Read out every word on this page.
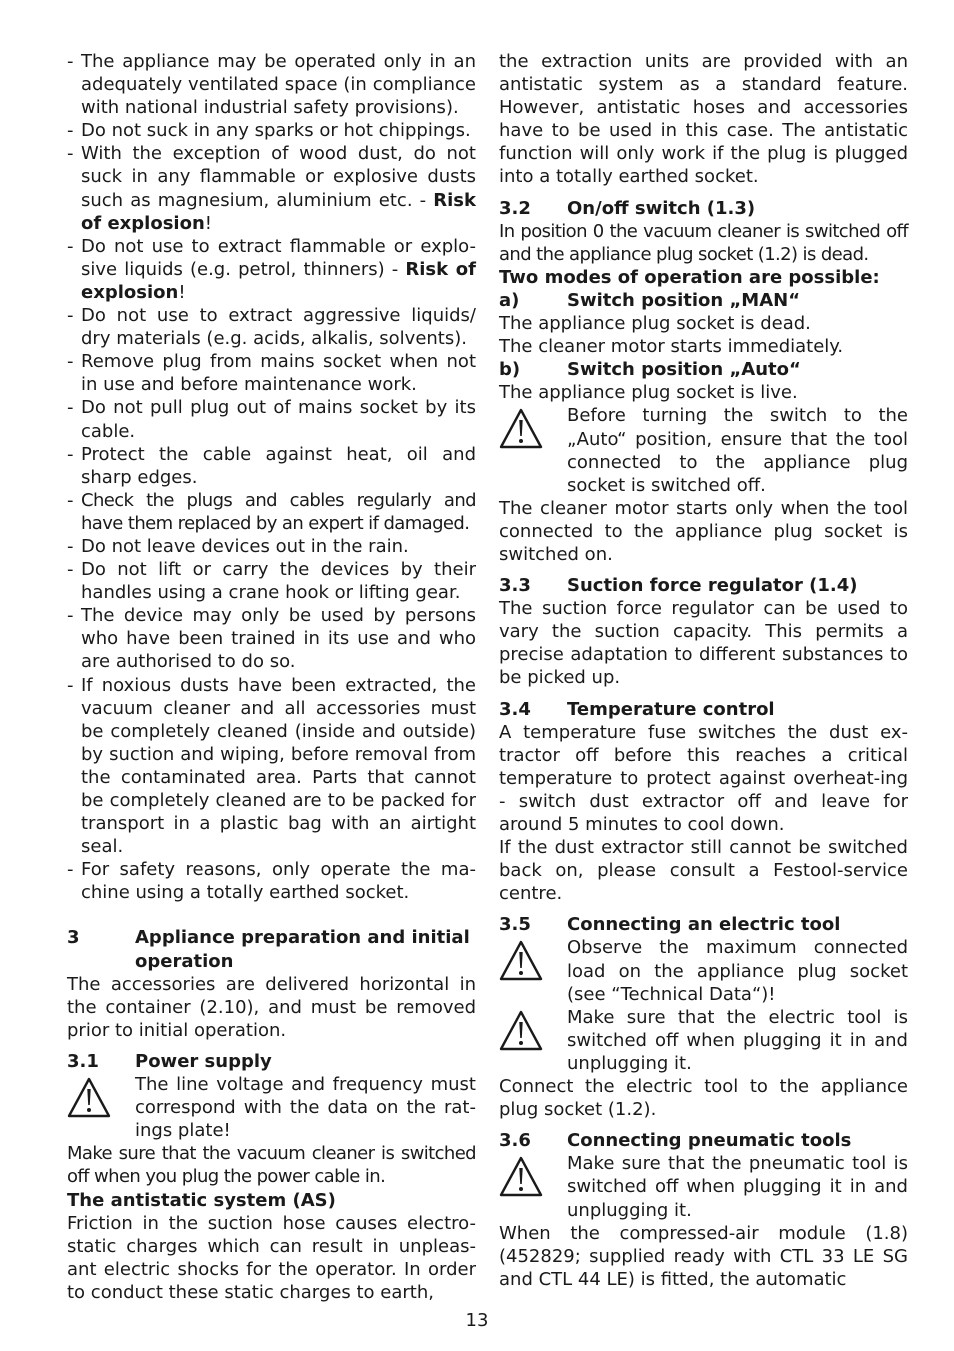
- The appliance may be operated only in an adequately ventilated space (in compliance with national industrial safety provisions).
- Do not suck in any sparks or hot chippings.
- With the exception of wood dust, do not suck in any flammable or explosive dusts such as magnesium, aluminium etc. - Risk of explosion!
- Do not use to extract flammable or explo-sive liquids (e.g. petrol, thinners) - Risk of explosion!
- Do not use to extract aggressive liquids/ dry materials (e.g. acids, alkalis, solvents).
- Remove plug from mains socket when not in use and before maintenance work.
- Do not pull plug out of mains socket by its cable.
- Protect the cable against heat, oil and sharp edges.
- Check the plugs and cables regularly and have them replaced by an expert if damaged.
- Do not leave devices out in the rain.
- Do not lift or carry the devices by their handles using a crane hook or lifting gear.
- The device may only be used by persons who have been trained in its use and who are authorised to do so.
- If noxious dusts have been extracted, the vacuum cleaner and all accessories must be completely cleaned (inside and outside) by suction and wiping, before removal from the contaminated area. Parts that cannot be completely cleaned are to be packed for transport in a plastic bag with an airtight seal.
- For safety reasons, only operate the ma-chine using a totally earthed socket.
3	Appliance preparation and initial operation
The accessories are delivered horizontal in the container (2.10), and must be removed prior to initial operation.
3.1	Power supply
The line voltage and frequency must correspond with the data on the rat-ings plate!
Make sure that the vacuum cleaner is switched off when you plug the power cable in.
The antistatic system (AS)
Friction in the suction hose causes electro-static charges which can result in unpleas-ant electric shocks for the operator. In order to conduct these static charges to earth,
the extraction units are provided with an antistatic system as a standard feature. However, antistatic hoses and accessories have to be used in this case. The antistatic function will only work if the plug is plugged into a totally earthed socket.
3.2	On/off switch (1.3)
In position 0 the vacuum cleaner is switched off and the appliance plug socket (1.2) is dead.
Two modes of operation are possible:
a)	Switch position „MAN“
The appliance plug socket is dead.
The cleaner motor starts immediately.
b)	Switch position „Auto“
The appliance plug socket is live.
Before turning the switch to the „Auto“ position, ensure that the tool connected to the appliance plug socket is switched off.
The cleaner motor starts only when the tool connected to the appliance plug socket is switched on.
3.3	Suction force regulator (1.4)
The suction force regulator can be used to vary the suction capacity. This permits a precise adaptation to different substances to be picked up.
3.4	Temperature control
A temperature fuse switches the dust ex-tractor off before this reaches a critical temperature to protect against overheat-ing - switch dust extractor off and leave for around 5 minutes to cool down.
If the dust extractor still cannot be switched back on, please consult a Festool-service centre.
3.5	Connecting an electric tool
Observe the maximum connected load on the appliance plug socket (see “Technical Data“)!
Make sure that the electric tool is switched off when plugging it in and unplugging it.
Connect the electric tool to the appliance plug socket (1.2).
3.6	Connecting pneumatic tools
Make sure that the pneumatic tool is switched off when plugging it in and unplugging it.
When the compressed-air module (1.8) (452829; supplied ready with CTL 33 LE SG and CTL 44 LE) is fitted, the automatic
13
